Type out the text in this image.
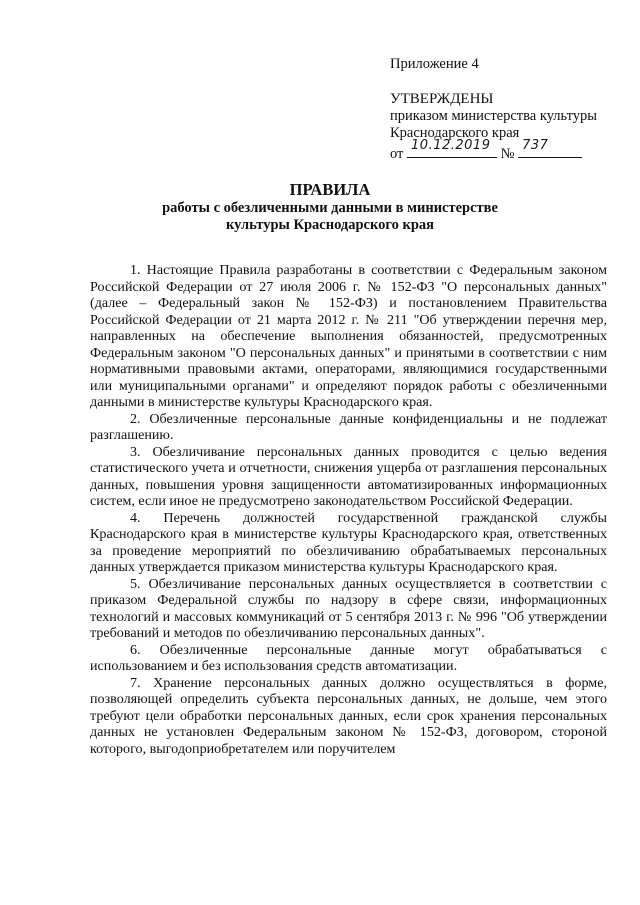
Приложение 4
УТВЕРЖДЕНЫ
приказом министерства культуры
Краснодарского края
от
10.12.2019
№
737
ПРАВИЛА
работы с обезличенными данными в министерстве
культуры Краснодарского края

1. Настоящие Правила разработаны в соответствии с Федеральным законом Российской Федерации от 27 июля 2006 г. № 152-ФЗ "О персональных данных" (далее – Федеральный закон № 152-ФЗ) и постановлением Правительства Российской Федерации от 21 марта 2012 г. № 211 "Об утверждении перечня мер, направленных на обеспечение выполнения обязанностей, предусмотренных Федеральным законом "О персональных данных" и принятыми в соответствии с ним нормативными правовыми актами, операторами, являющимися государственными или муниципальными органами" и определяют порядок работы с обезличенными данными в министерстве культуры Краснодарского края.

2. Обезличенные персональные данные конфиденциальны и не подлежат разглашению.

3. Обезличивание персональных данных проводится с целью ведения статистического учета и отчетности, снижения ущерба от разглашения персональных данных, повышения уровня защищенности автоматизированных информационных систем, если иное не предусмотрено законодательством Российской Федерации.

4. Перечень должностей государственной гражданской службы Краснодарского края в министерстве культуры Краснодарского края, ответственных за проведение мероприятий по обезличиванию обрабатываемых персональных данных утверждается приказом министерства культуры Краснодарского края.

5. Обезличивание персональных данных осуществляется в соответствии с приказом Федеральной службы по надзору в сфере связи, информационных технологий и массовых коммуникаций от 5 сентября 2013 г. № 996 "Об утверждении требований и методов по обезличиванию персональных данных".

6. Обезличенные персональные данные могут обрабатываться с использованием и без использования средств автоматизации.

7. Хранение персональных данных должно осуществляться в форме, позволяющей определить субъекта персональных данных, не дольше, чем этого требуют цели обработки персональных данных, если срок хранения персональных данных не установлен Федеральным законом № 152-ФЗ, договором, стороной которого, выгодоприобретателем или поручителем
